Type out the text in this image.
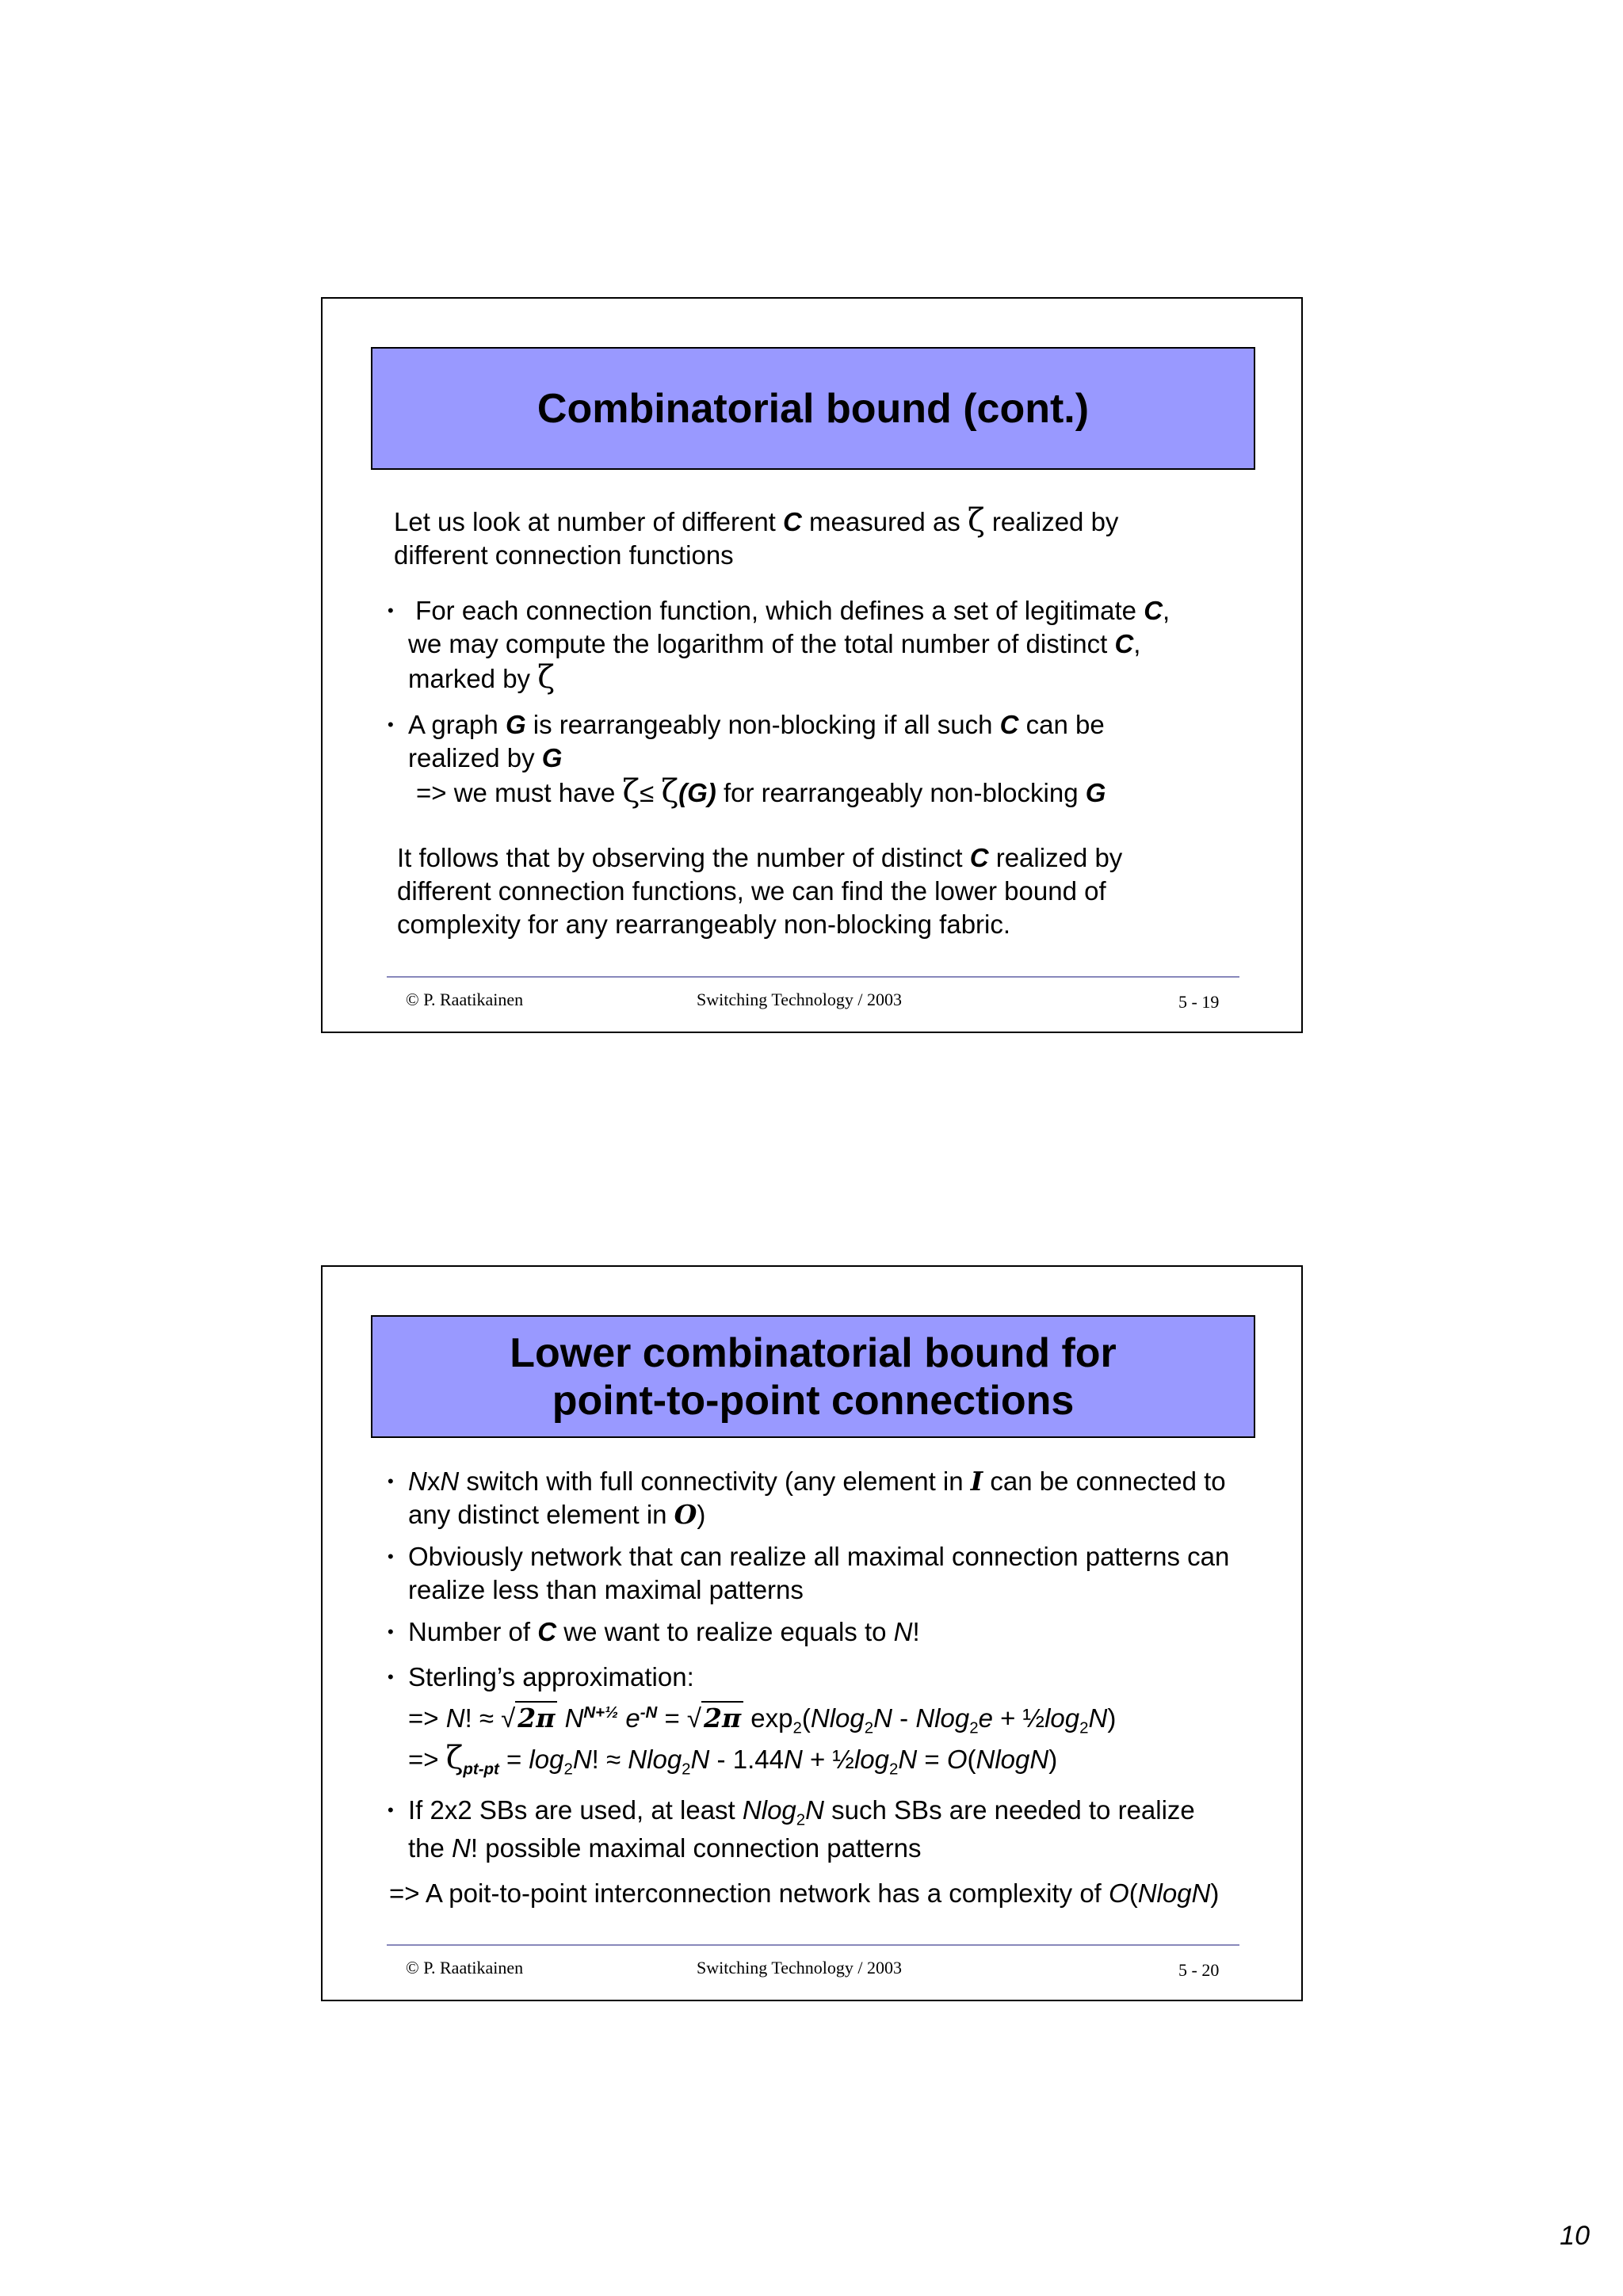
Combinatorial bound (cont.)
Let us look at number of different C measured as ζ realized by
different connection functions
• For each connection function, which defines a set of legitimate C,
we may compute the logarithm of the total number of distinct C,
marked by ζ
• A graph G is rearrangeably non-blocking if all such C can be
realized by G
=> we must have ζ≤ ζ(G) for rearrangeably non-blocking G
It follows that by observing the number of distinct C realized by
different connection functions, we can find the lower bound of
complexity for any rearrangeably non-blocking fabric.
© P. Raatikainen	Switching Technology / 2003	5 - 19
Lower combinatorial bound for
point-to-point connections
• NxN switch with full connectivity (any element in I can be connected to
any distinct element in O)
• Obviously network that can realize all maximal connection patterns can
realize less than maximal patterns
• Number of C we want to realize equals to N!
• Sterling’s approximation:
=> N! ≈ √2π $N^{N+\frac{1}{2}}$ $e^{-N} = √2\pi$ $\exp_2(Nlog_2N - Nlog_2e$ + $\frac{1}{2}\log_2N$)
=> $\zeta_{pt-pt} = \log_2N$! ≈ $Nlog_2N - 1.44N + \frac{1}{2}\log_2N = O(NlogN)$
• If 2x2 SBs are used, at least Nlog$_2$N such SBs are needed to realize
the N! possible maximal connection patterns
=> A poit-to-point interconnection network has a complexity of O(NlogN)
© P. Raatikainen	Switching Technology / 2003	5 - 20
10
